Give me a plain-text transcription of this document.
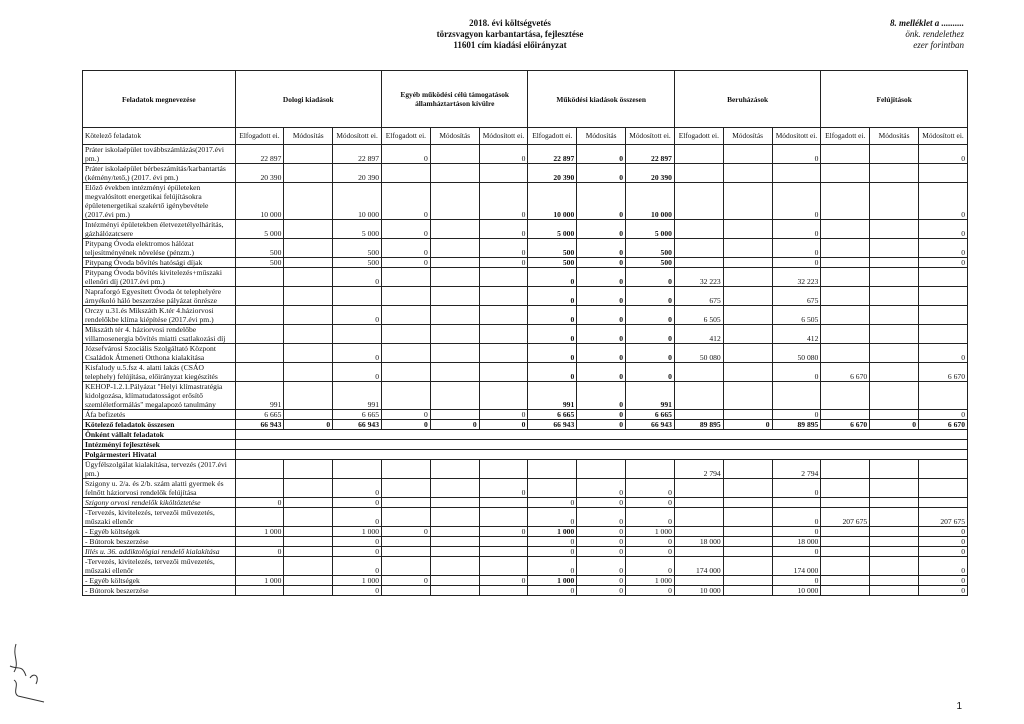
2018. évi költségvetés
törzsvagyon karbantartása, fejlesztése
11601 cím kiadási előirányzat
8. melléklet a ..........
önk. rendelethez
ezer forintban
Feladatok megnevezése	Dologi kiadások			Egyéb működési célú támogatások államháztartáson kívülre			Működési kiadások összesen			Beruházások			Felújítások		
Kötelező feladatok	Elfogadott ei.	Módosítás	Módosított ei.	Elfogadott ei.	Módosítás	Módosított ei.	Elfogadott ei.	Módosítás	Módosított ei.	Elfogadott ei.	Módosítás	Módosított ei.	Elfogadott ei.	Módosítás	Módosított ei.
Práter iskolaépület továbbszámlázás(2017.évi pm.)	22 897		22 897	0		0	22 897	0	22 897			0			0
Práter iskolaépület bérbeszámítás/karbantartás (kémény/tető,) (2017. évi pm.)	20 390		20 390				20 390	0	20 390						
Előző években intézményi épületeken megvalósított energetikai felújításokra épületenergetikai szakértő igénybevétele (2017.évi pm.)	10 000		10 000	0		0	10 000	0	10 000			0			0
Intézményi épületekben életvezetélyelhárítás, gázhálózatcsere	5 000		5 000	0		0	5 000	0	5 000			0			0
Pitypang Óvoda elektromos hálózat teljesítményének növelése (pénzm.)	500		500	0		0	500	0	500			0			0
Pitypang Óvoda bővítés hatósági díjak	500		500	0		0	500	0	500			0			0
Pitypang Óvoda bővítés kivitelezés+műszaki ellenőri díj (2017.évi pm.)			0				0	0	0	32 223		32 223			
Napraforgó Egyesített Óvoda öt telephelyére árnyékoló háló beszerzése pályázat önrésze							0	0	0	675		675			
Orczy u.31.és Mikszáth K.tér 4.háziorvosi rendelőkbe klíma kiépítése (2017.évi pm.)			0				0	0	0	6 505		6 505			
Mikszáth tér 4. háziorvosi rendelőbe villamosenergia bővítés miatti csatlakozási díj							0	0	0	412		412			
Józsefvárosi Szociális Szolgáltató Központ Családok Átmeneti Otthona kialakítása			0				0	0	0	50 080		50 080			0
Kisfaludy u.5.fsz 4. alatti lakás (CSÁO telephely) felújítása, előirányzat kiegészítés			0				0	0	0			0	6 670		6 670
KEHOP-1.2.1.Pályázat "Helyi klímastratégia kidolgozása, klímatudatosságot erősítő szemléletformálás" megalapozó tanulmány	991		991				991	0	991						
Áfa befizetés	6 665		6 665	0		0	6 665	0	6 665			0			0
Kötelező feladatok összesen	66 943	0	66 943	0	0	0	66 943	0	66 943	89 895	0	89 895	6 670	0	6 670
Önként vállalt feladatok															
Intézményi fejlesztések															
Polgármesteri Hivatal															
Ügyfélszolgálat kialakítása, tervezés (2017.évi pm.)										2 794		2 794			
Szigony u. 2/a. és 2/b. szám alatti gyermek és felnőtt háziorvosi rendelők felújítása			0			0		0	0			0			
Szigony orvosi rendelők kiköltöztetése	0		0				0	0	0						
-Tervezés, kivitelezés, tervezői művezetés, műszaki ellenőr			0				0	0	0			0	207 675		207 675
- Egyéb költségek	1 000		1 000	0		0	1 000	0	1 000			0			0
- Bútorok beszerzése			0				0	0	0	18 000		18 000			0
Illés u. 36. addiktológiai rendelő kialakítása	0		0				0	0	0			0			0
-Tervezés, kivitelezés, tervezői művezetés, műszaki ellenőr			0				0	0	0	174 000		174 000			0
- Egyéb költségek	1 000		1 000	0		0	1 000	0	1 000			0			0
- Bútorok beszerzése			0				0	0	0	10 000		10 000			0
1
